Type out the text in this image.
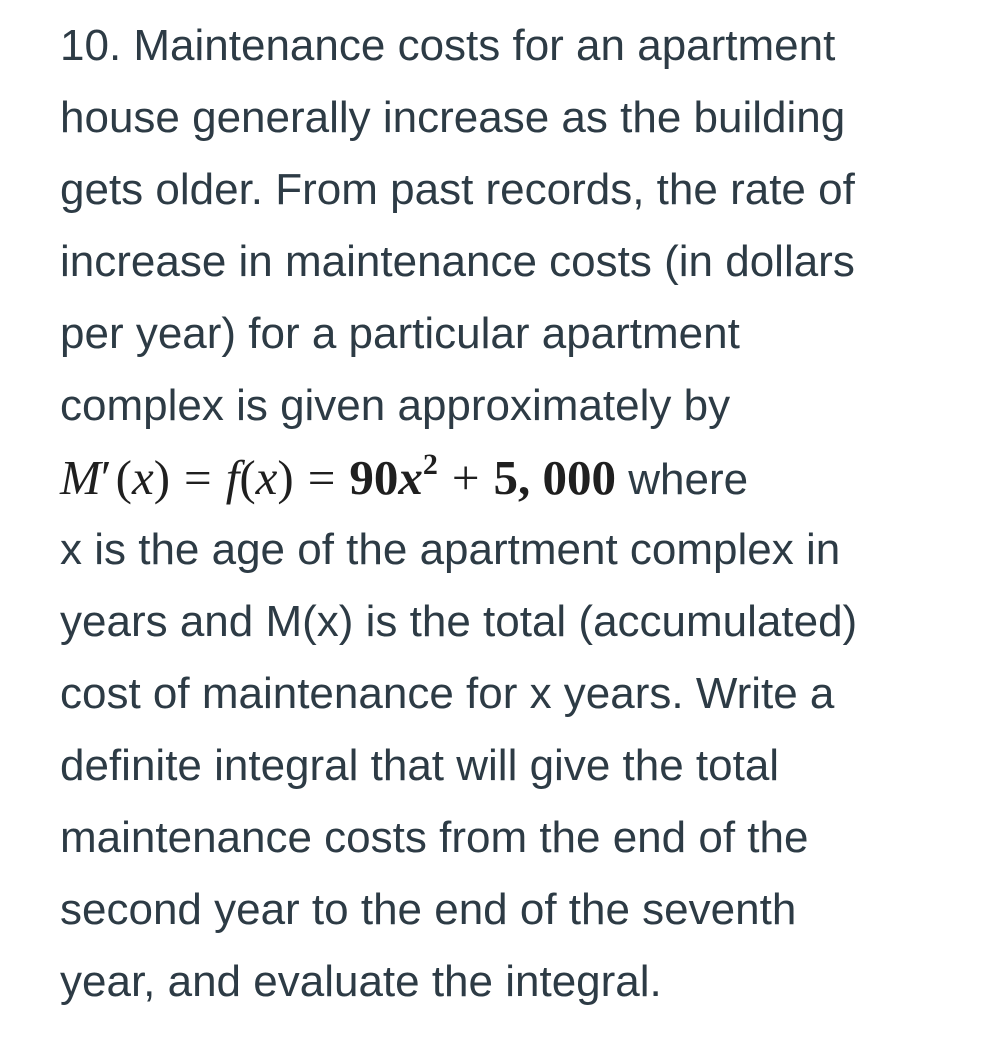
10. Maintenance costs for an apartment
house generally increase as the building
gets older. From past records, the rate of
increase in maintenance costs (in dollars
per year) for a particular apartment
complex is given approximately by
M′ $(x) = f(x) = 90x^2 + 5$, 000 where
x is the age of the apartment complex in
years and M(x) is the total (accumulated)
cost of maintenance for x years. Write a
definite integral that will give the total
maintenance costs from the end of the
second year to the end of the seventh
year, and evaluate the integral.
